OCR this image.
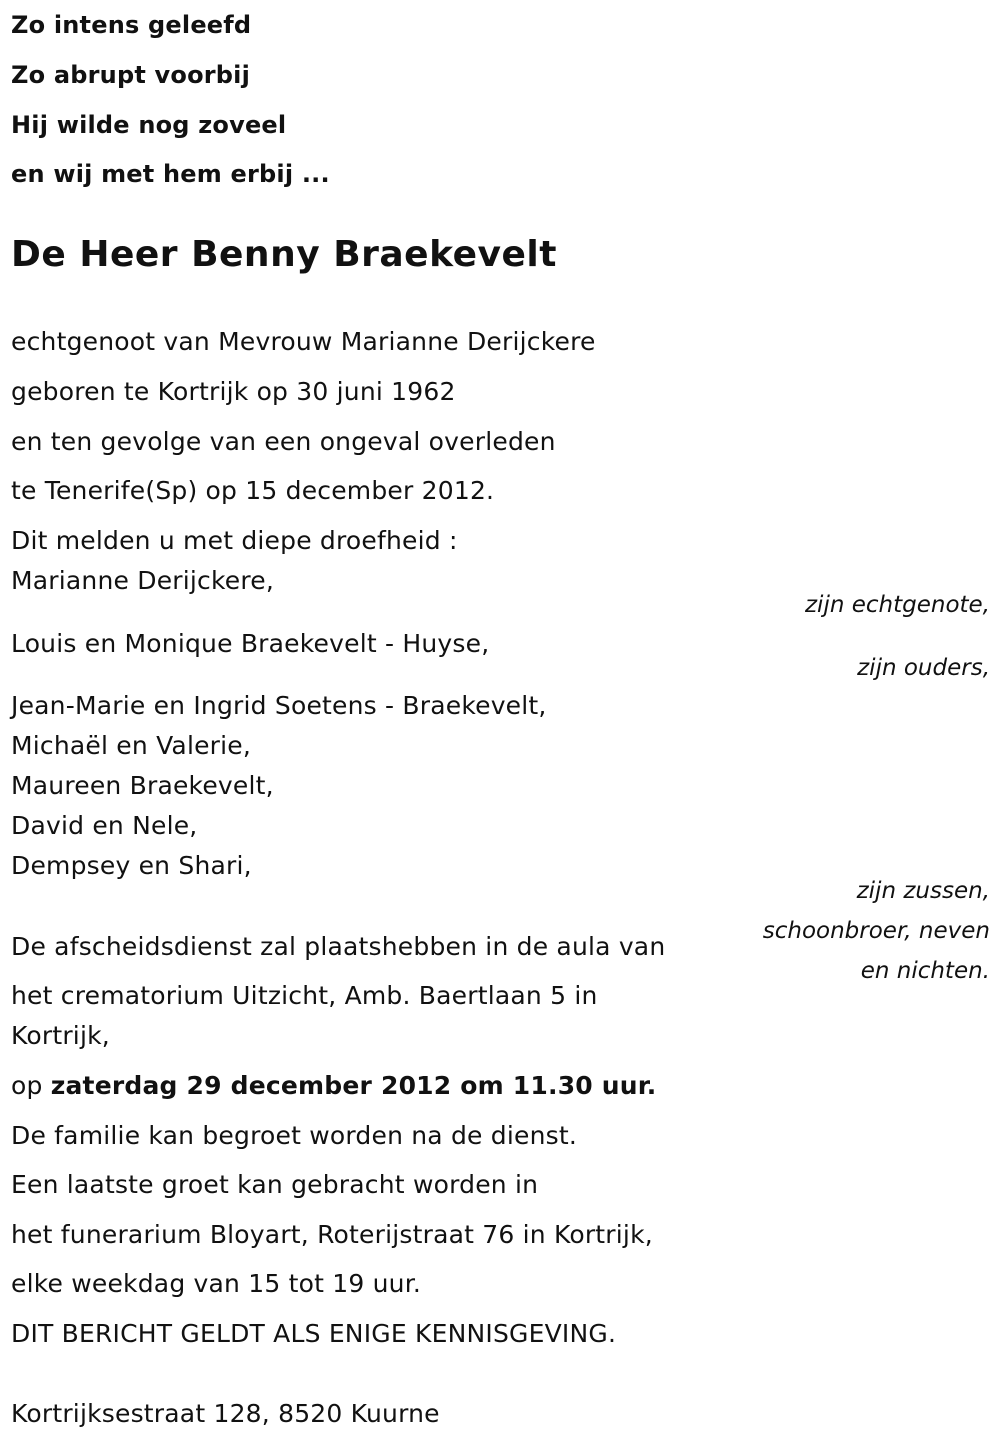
Zo intens geleefd
Zo abrupt voorbij
Hij wilde nog zoveel
en wij met hem erbij ...
De Heer Benny Braekevelt
echtgenoot van Mevrouw Marianne Derijckere
geboren te Kortrijk op 30 juni 1962
en ten gevolge van een ongeval overleden
te Tenerife(Sp) op 15 december 2012.
Dit melden u met diepe droefheid :
Marianne Derijckere,
zijn echtgenote,
Louis en Monique Braekevelt - Huyse,
zijn ouders,
Jean-Marie en Ingrid Soetens - Braekevelt,
Michaël en Valerie,
Maureen Braekevelt,
David en Nele,
Dempsey en Shari,
zijn zussen,
schoonbroer, neven
en nichten.
De afscheidsdienst zal plaatshebben in de aula van
het crematorium Uitzicht, Amb. Baertlaan 5 in
Kortrijk,
op zaterdag 29 december 2012 om 11.30 uur.
De familie kan begroet worden na de dienst.
Een laatste groet kan gebracht worden in
het funerarium Bloyart, Roterijstraat 76 in Kortrijk,
elke weekdag van 15 tot 19 uur.
DIT BERICHT GELDT ALS ENIGE KENNISGEVING.
Kortrijksestraat 128, 8520 Kuurne
